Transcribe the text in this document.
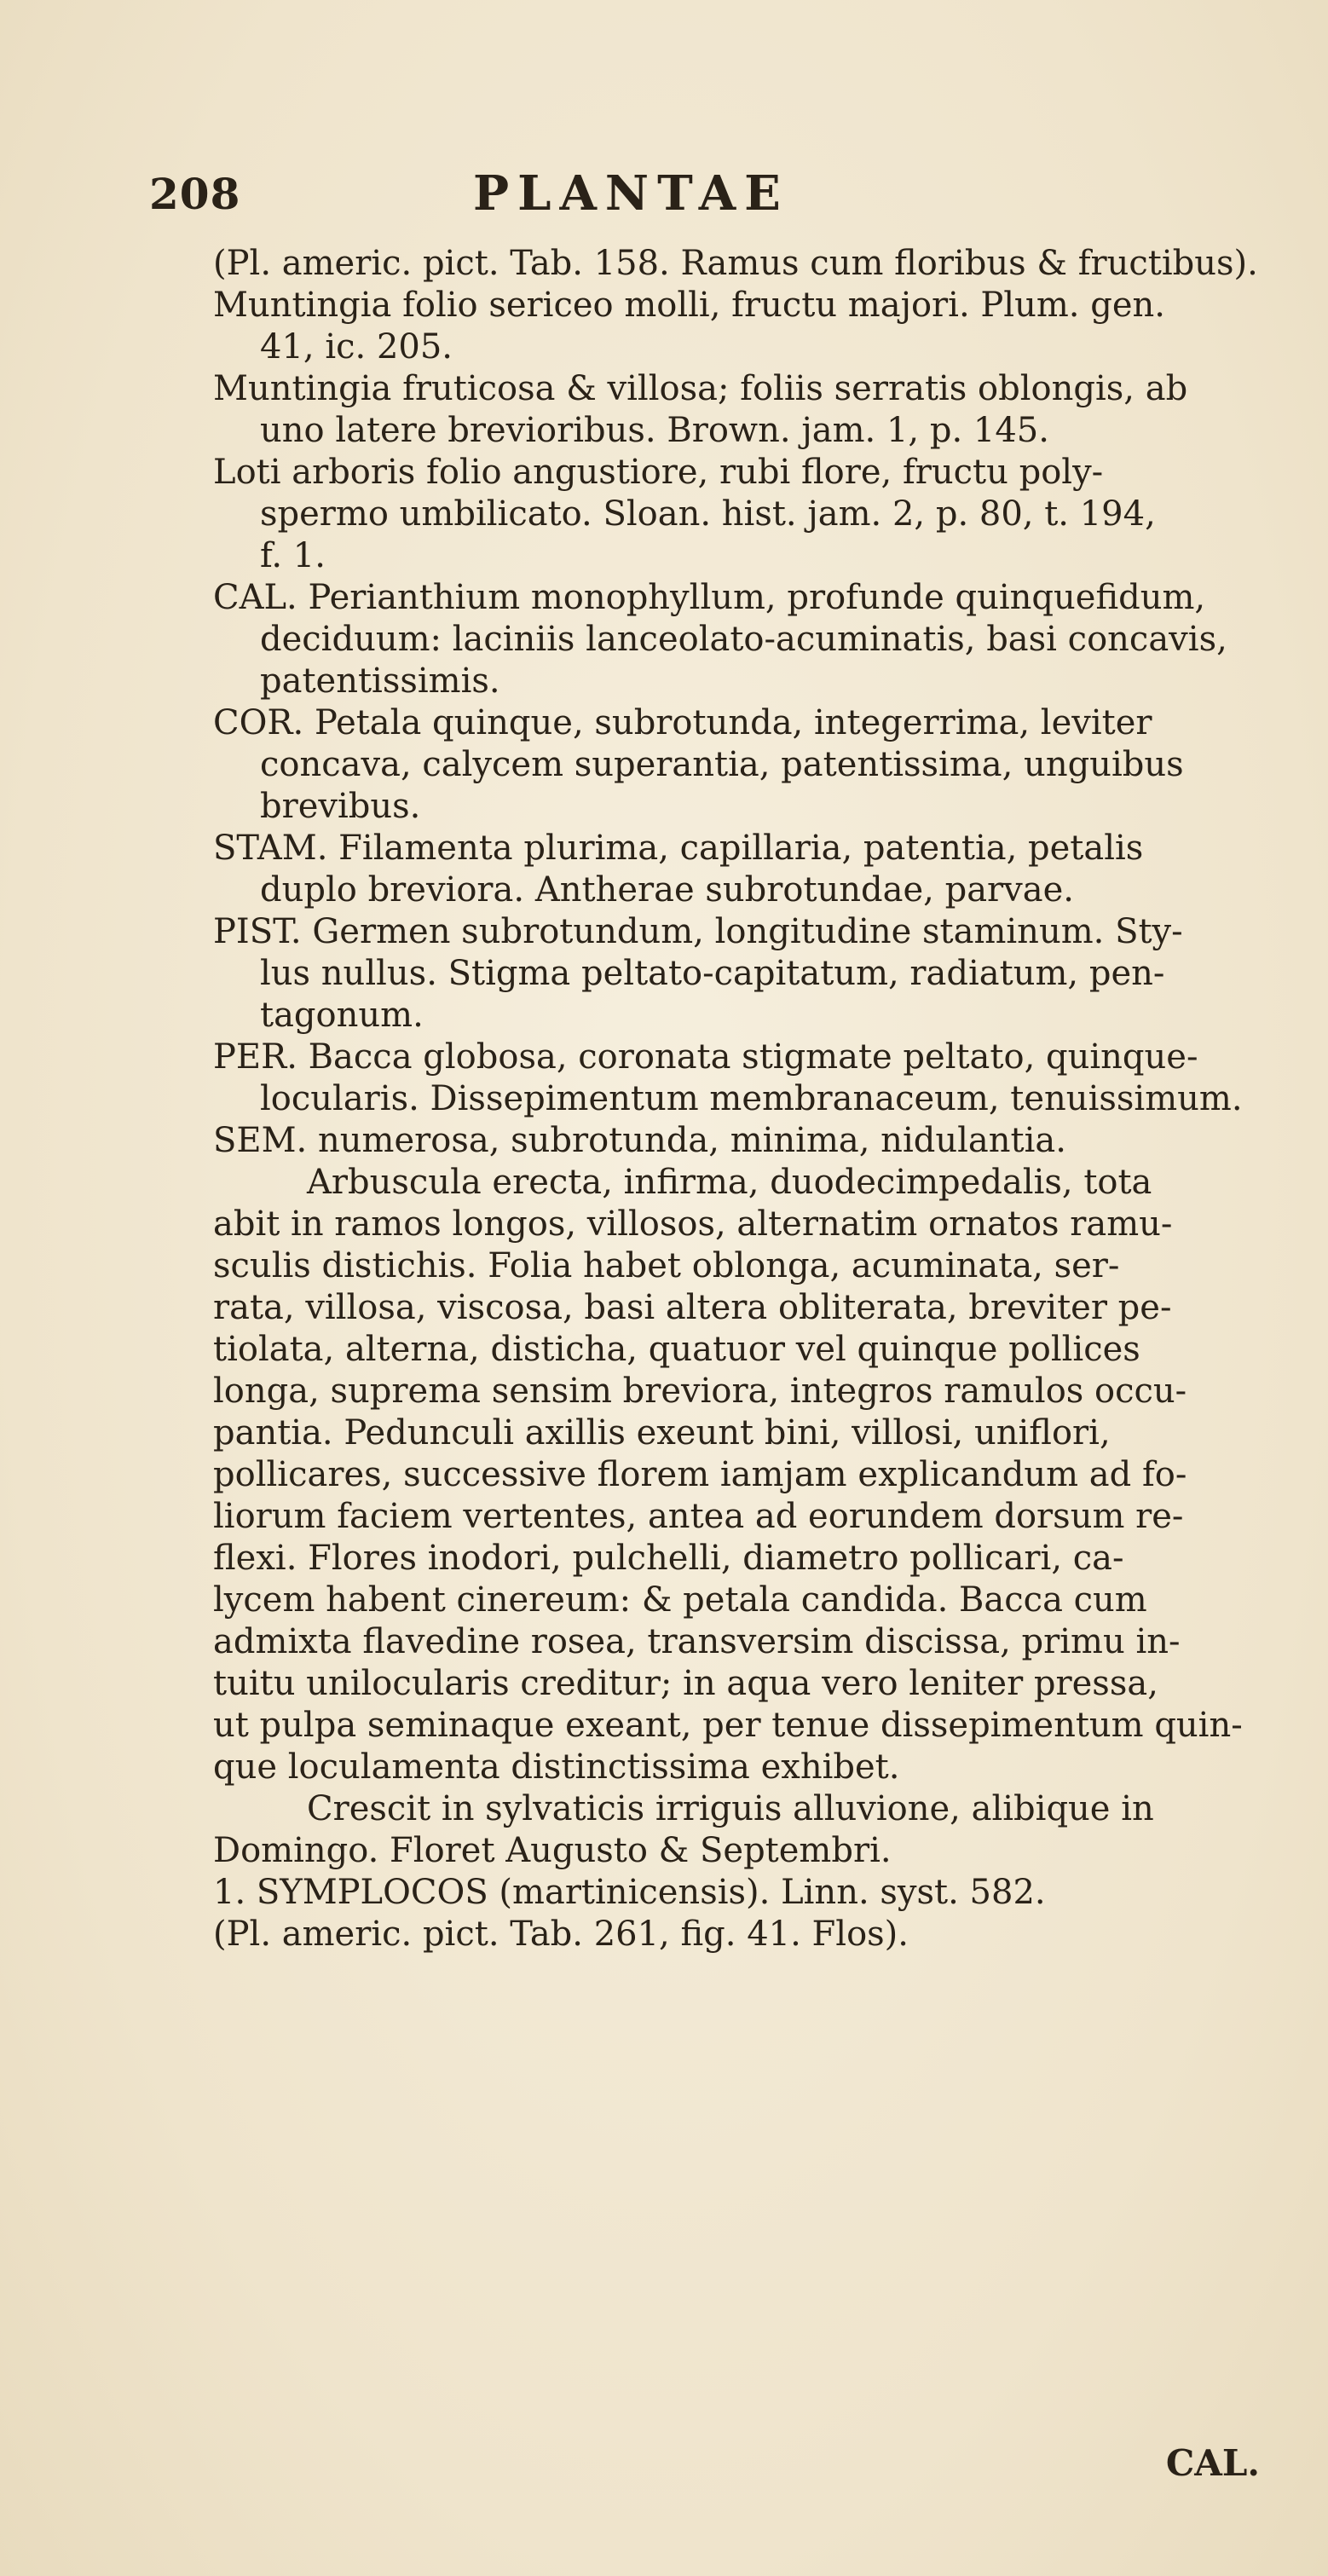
208	PLANTAE
(Pl. americ. pict. Tab. 158. Ramus cum floribus & fructibus).
Muntingia folio sericeo molli, fructu majori. Plum. gen.
41, ic. 205.
Muntingia fruticosa & villosa; foliis serratis oblongis, ab
uno latere brevioribus. Brown. jam. 1, p. 145.
Loti arboris folio angustiore, rubi flore, fructu poly-
spermo umbilicato. Sloan. hist. jam. 2, p. 80, t. 194,
f. 1.
CAL. Perianthium monophyllum, profunde quinquefidum,
deciduum: laciniis lanceolato-acuminatis, basi concavis,
patentissimis.
COR. Petala quinque, subrotunda, integerrima, leviter
concava, calycem superantia, patentissima, unguibus
brevibus.
STAM. Filamenta plurima, capillaria, patentia, petalis
duplo breviora. Antherae subrotundae, parvae.
PIST. Germen subrotundum, longitudine staminum. Sty-
lus nullus. Stigma peltato-capitatum, radiatum, pen-
tagonum.
PER. Bacca globosa, coronata stigmate peltato, quinque-
locularis. Dissepimentum membranaceum, tenuissimum.
SEM. numerosa, subrotunda, minima, nidulantia.
Arbuscula erecta, infirma, duodecimpedalis, tota
abit in ramos longos, villosos, alternatim ornatos ramu-
sculis distichis. Folia habet oblonga, acuminata, ser-
rata, villosa, viscosa, basi altera obliterata, breviter pe-
tiolata, alterna, disticha, quatuor vel quinque pollices
longa, suprema sensim breviora, integros ramulos occu-
pantia. Pedunculi axillis exeunt bini, villosi, uniflori,
pollicares, successive florem iamjam explicandum ad fo-
liorum faciem vertentes, antea ad eorundem dorsum re-
flexi. Flores inodori, pulchelli, diametro pollicari, ca-
lycem habent cinereum: & petala candida. Bacca cum
admixta flavedine rosea, transversim discissa, primu in-
tuitu unilocularis creditur; in aqua vero leniter pressa,
ut pulpa seminaque exeant, per tenue dissepimentum quin-
que loculamenta distinctissima exhibet.
Crescit in sylvaticis irriguis alluvione, alibique in
Domingo. Floret Augusto & Septembri.
1. SYMPLOCOS (martinicensis). Linn. syst. 582.
(Pl. americ. pict. Tab. 261, fig. 41. Flos).
CAL.
